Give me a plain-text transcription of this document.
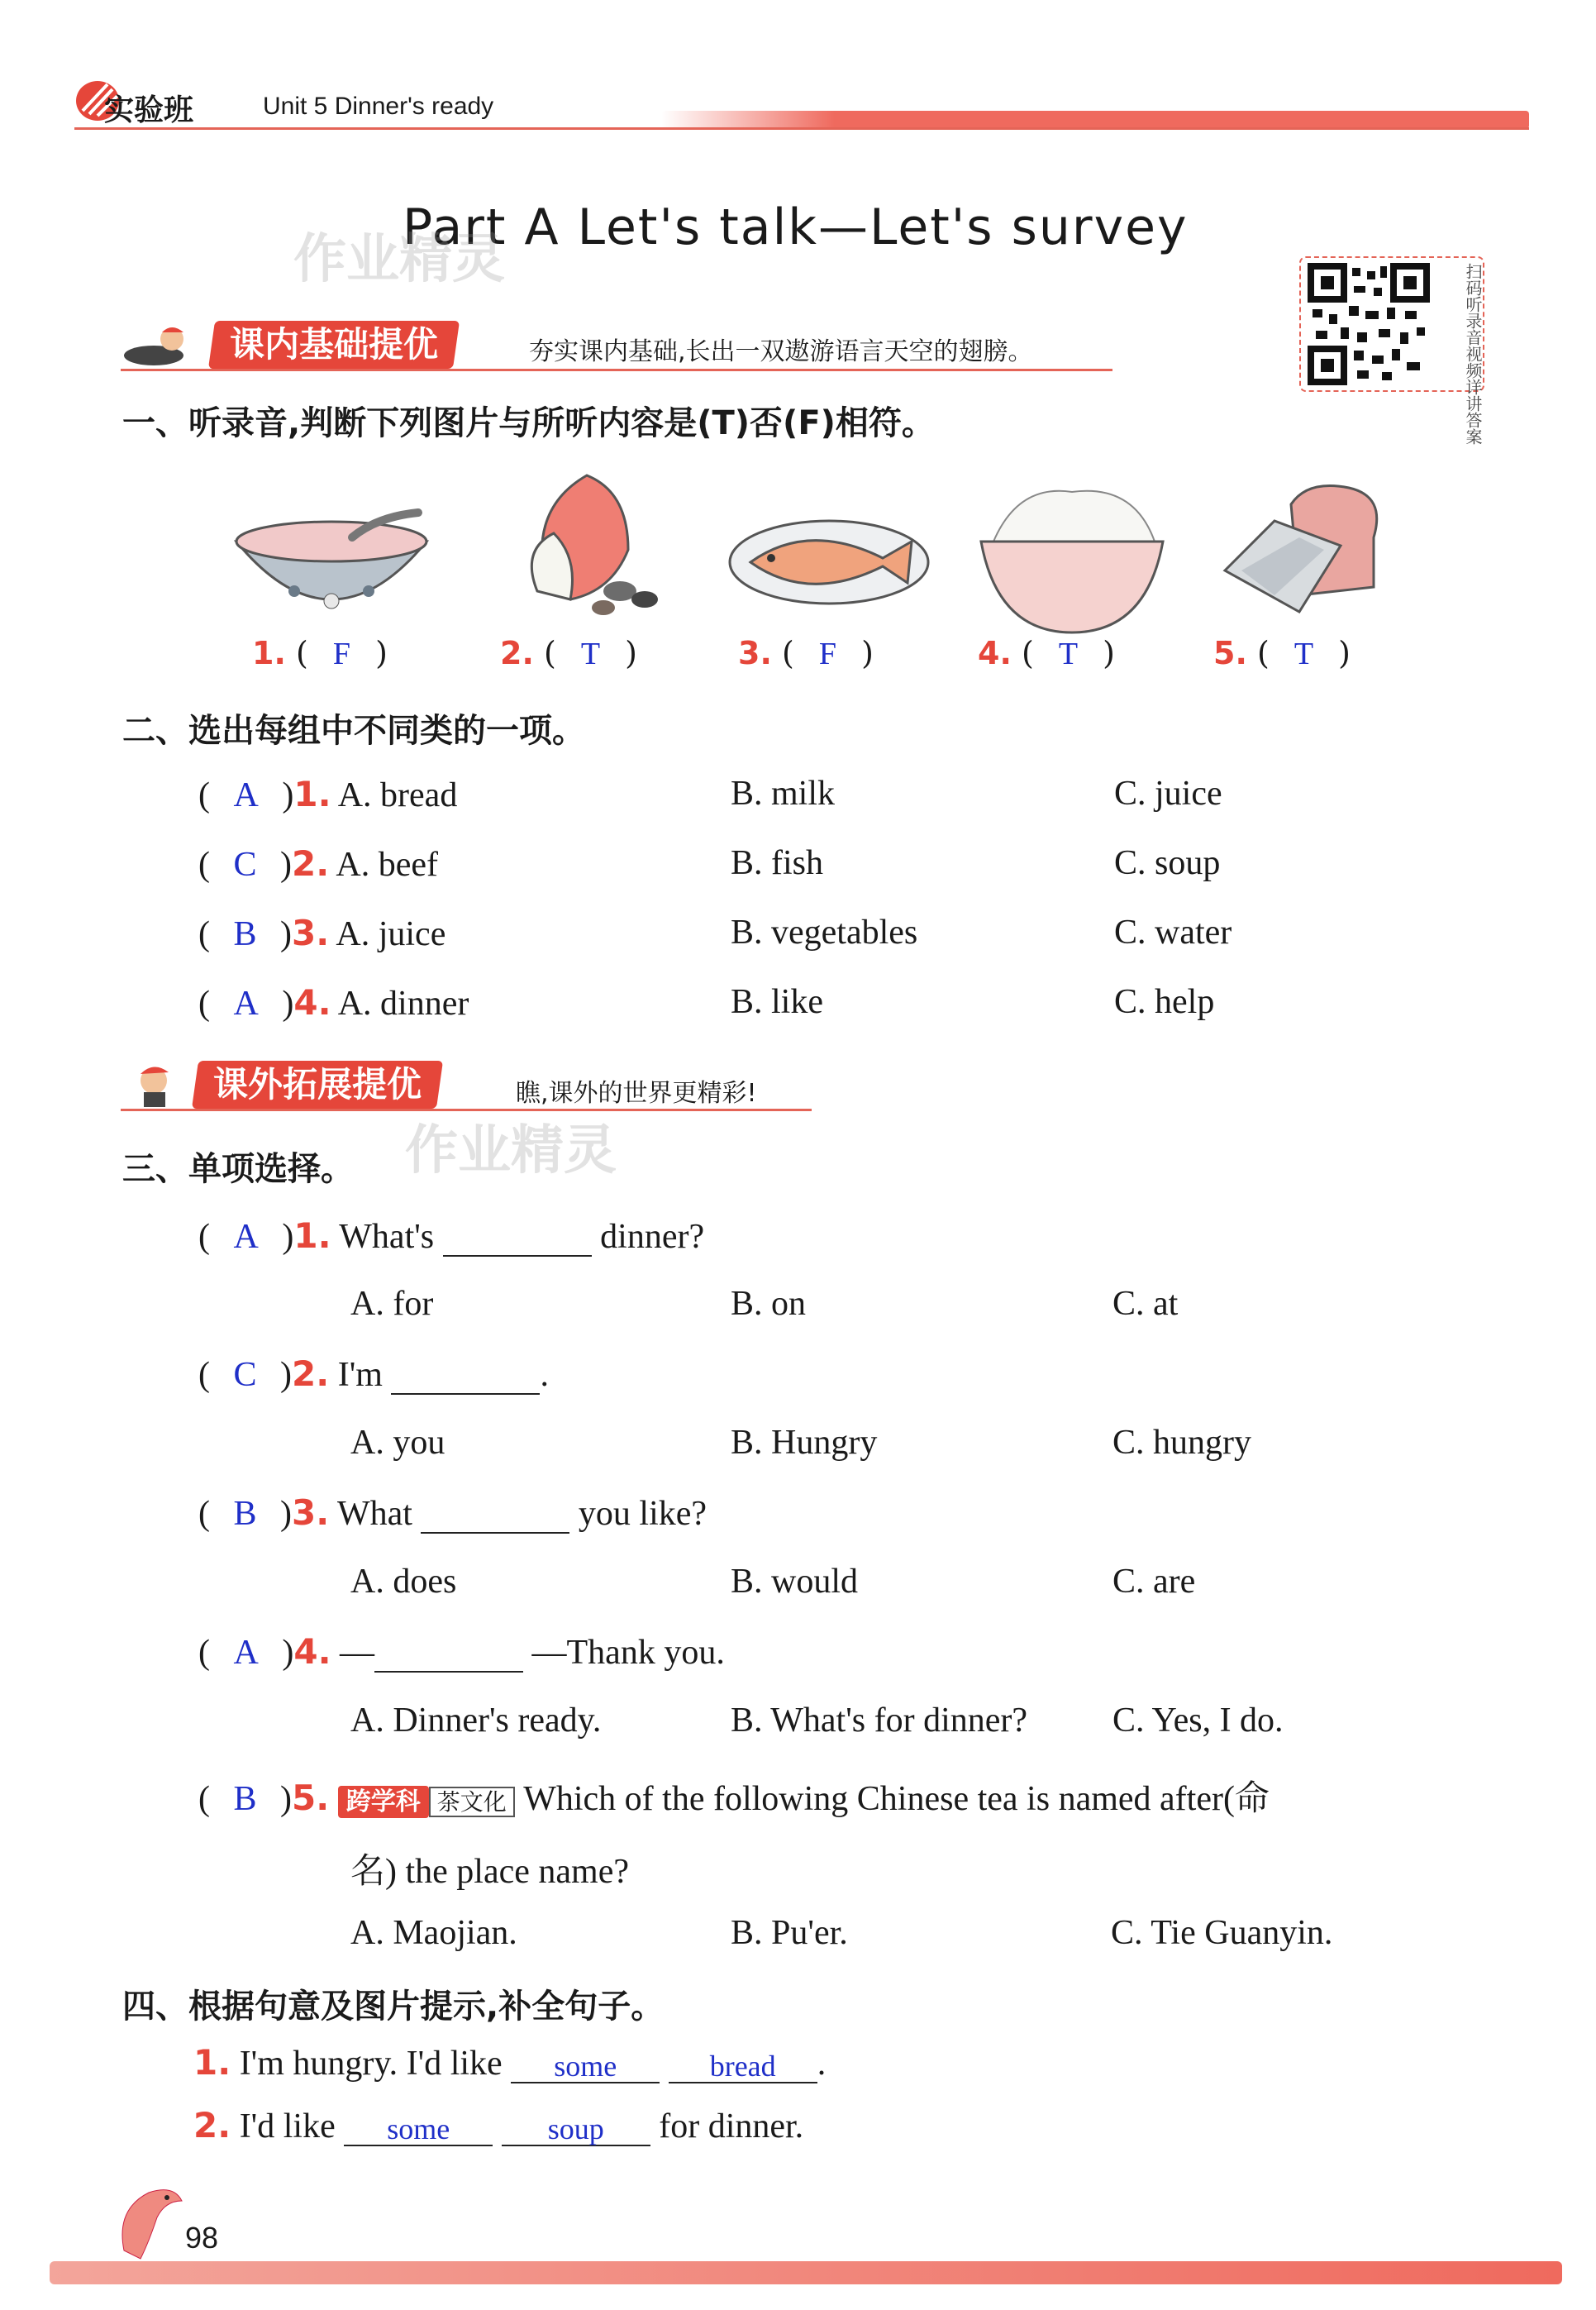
实验班	Unit 5 Dinner's ready
Part A Let's talk—Let's survey
作业精灵
扫码听录音视频详讲答案
课内基础提优	夯实课内基础,长出一双遨游语言天空的翅膀。
一、听录音,判断下列图片与所听内容是(T)否(F)相符。
1. ( F )	2. ( T )	3. ( F )	4. ( T )	5. ( T )
二、选出每组中不同类的一项。
( A )1. A. bread	B. milk	C. juice
( C )2. A. beef	B. fish	C. soup
( B )3. A. juice	B. vegetables	C. water
( A )4. A. dinner	B. like	C. help
课外拓展提优	瞧,课外的世界更精彩!
作业精灵
三、单项选择。
( A )1. What's	dinner?
A. for	B. on	C. at
( C )2. I'm	.
A. you	B. Hungry	C. hungry
( B )3. What	you like?
A. does	B. would	C. are
( A )4. —	—Thank you.
A. Dinner's ready.	B. What's for dinner? C. Yes, I do.
( B )5. 跨学科 茶文化 Which of the following Chinese tea is named after(命
名) the place name?
A. Maojian.	B. Pu'er.	C. Tie Guanyin.
四、根据句意及图片提示,补全句子。
1. I'm hungry. I'd like some	bread .
2. I'd like some	soup for dinner.
98
